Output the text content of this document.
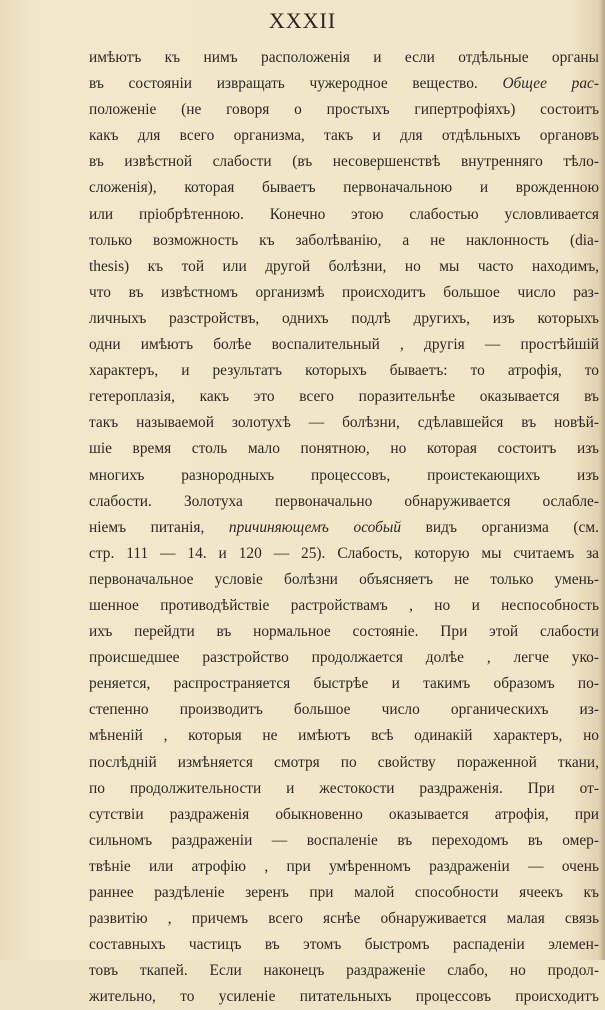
XXXII
имѣютъ къ нимъ расположенія и если отдѣльные органы
въ состояніи извращать чужеродное вещество. Общее рас-
положеніе (не говоря о простыхъ гипертрофіяхъ) состоитъ
какъ для всего организма, такъ и для отдѣльныхъ органовъ
въ извѣстной слабости (въ несовершенствѣ внутренняго тѣло-
сложенія), которая бываетъ первоначальною и врожденною
или пріобрѣтенною. Конечно этою слабостью условливается
только возможность къ заболѣванію, а не наклонность (dia-
thesis) къ той или другой болѣзни, но мы часто находимъ,
что въ извѣстномъ организмѣ происходитъ большое число раз-
личныхъ разстройствъ, однихъ подлѣ другихъ, изъ которыхъ
одни имѣютъ болѣе воспалительный , другія — простѣйшій
характеръ, и результатъ которыхъ бываетъ: то атрофія, то
гетероплазія, какъ это всего поразительнѣе оказывается въ
такъ называемой золотухѣ — болѣзни, сдѣлавшейся въ новѣй-
шіе время столь мало понятною, но которая состоитъ изъ
многихъ разнородныхъ процессовъ, проистекающихъ изъ
слабости. Золотуха первоначально обнаруживается ослабле-
ніемъ питанія, причиняющемъ особый видъ организма (см.
стр. 111 — 14. и 120 — 25). Слабость, которую мы считаемъ за
первоначальное условіе болѣзни объясняетъ не только умень-
шенное противодѣйствіе растройствамъ , но и неспособность
ихъ перейдти въ нормальное состояніе. При этой слабости
происшедшее разстройство продолжается долѣе , легче уко-
реняется, распространяется быстрѣе и такимъ образомъ по-
степенно производитъ большое число органическихъ из-
мѣненій , которыя не имѣютъ всѣ одинакій характеръ, но
послѣдній измѣняется смотря по свойству пораженной ткани,
по продолжительности и жестокости раздраженія. При от-
сутствіи раздраженія обыкновенно оказывается атрофія, при
сильномъ раздраженіи — воспаленіе въ переходомъ въ омер-
твѣніе или атрофію , при умѣренномъ раздраженіи — очень
раннее раздѣленіе зеренъ при малой способности ячеекъ къ
развитію , причемъ всего яснѣе обнаруживается малая связь
составныхъ частицъ въ этомъ быстромъ распаденіи элемен-
товъ ткапей. Если наконецъ раздраженіе слабо, но продол-
жительно, то усиленіе питательныхъ процессовъ происходитъ
